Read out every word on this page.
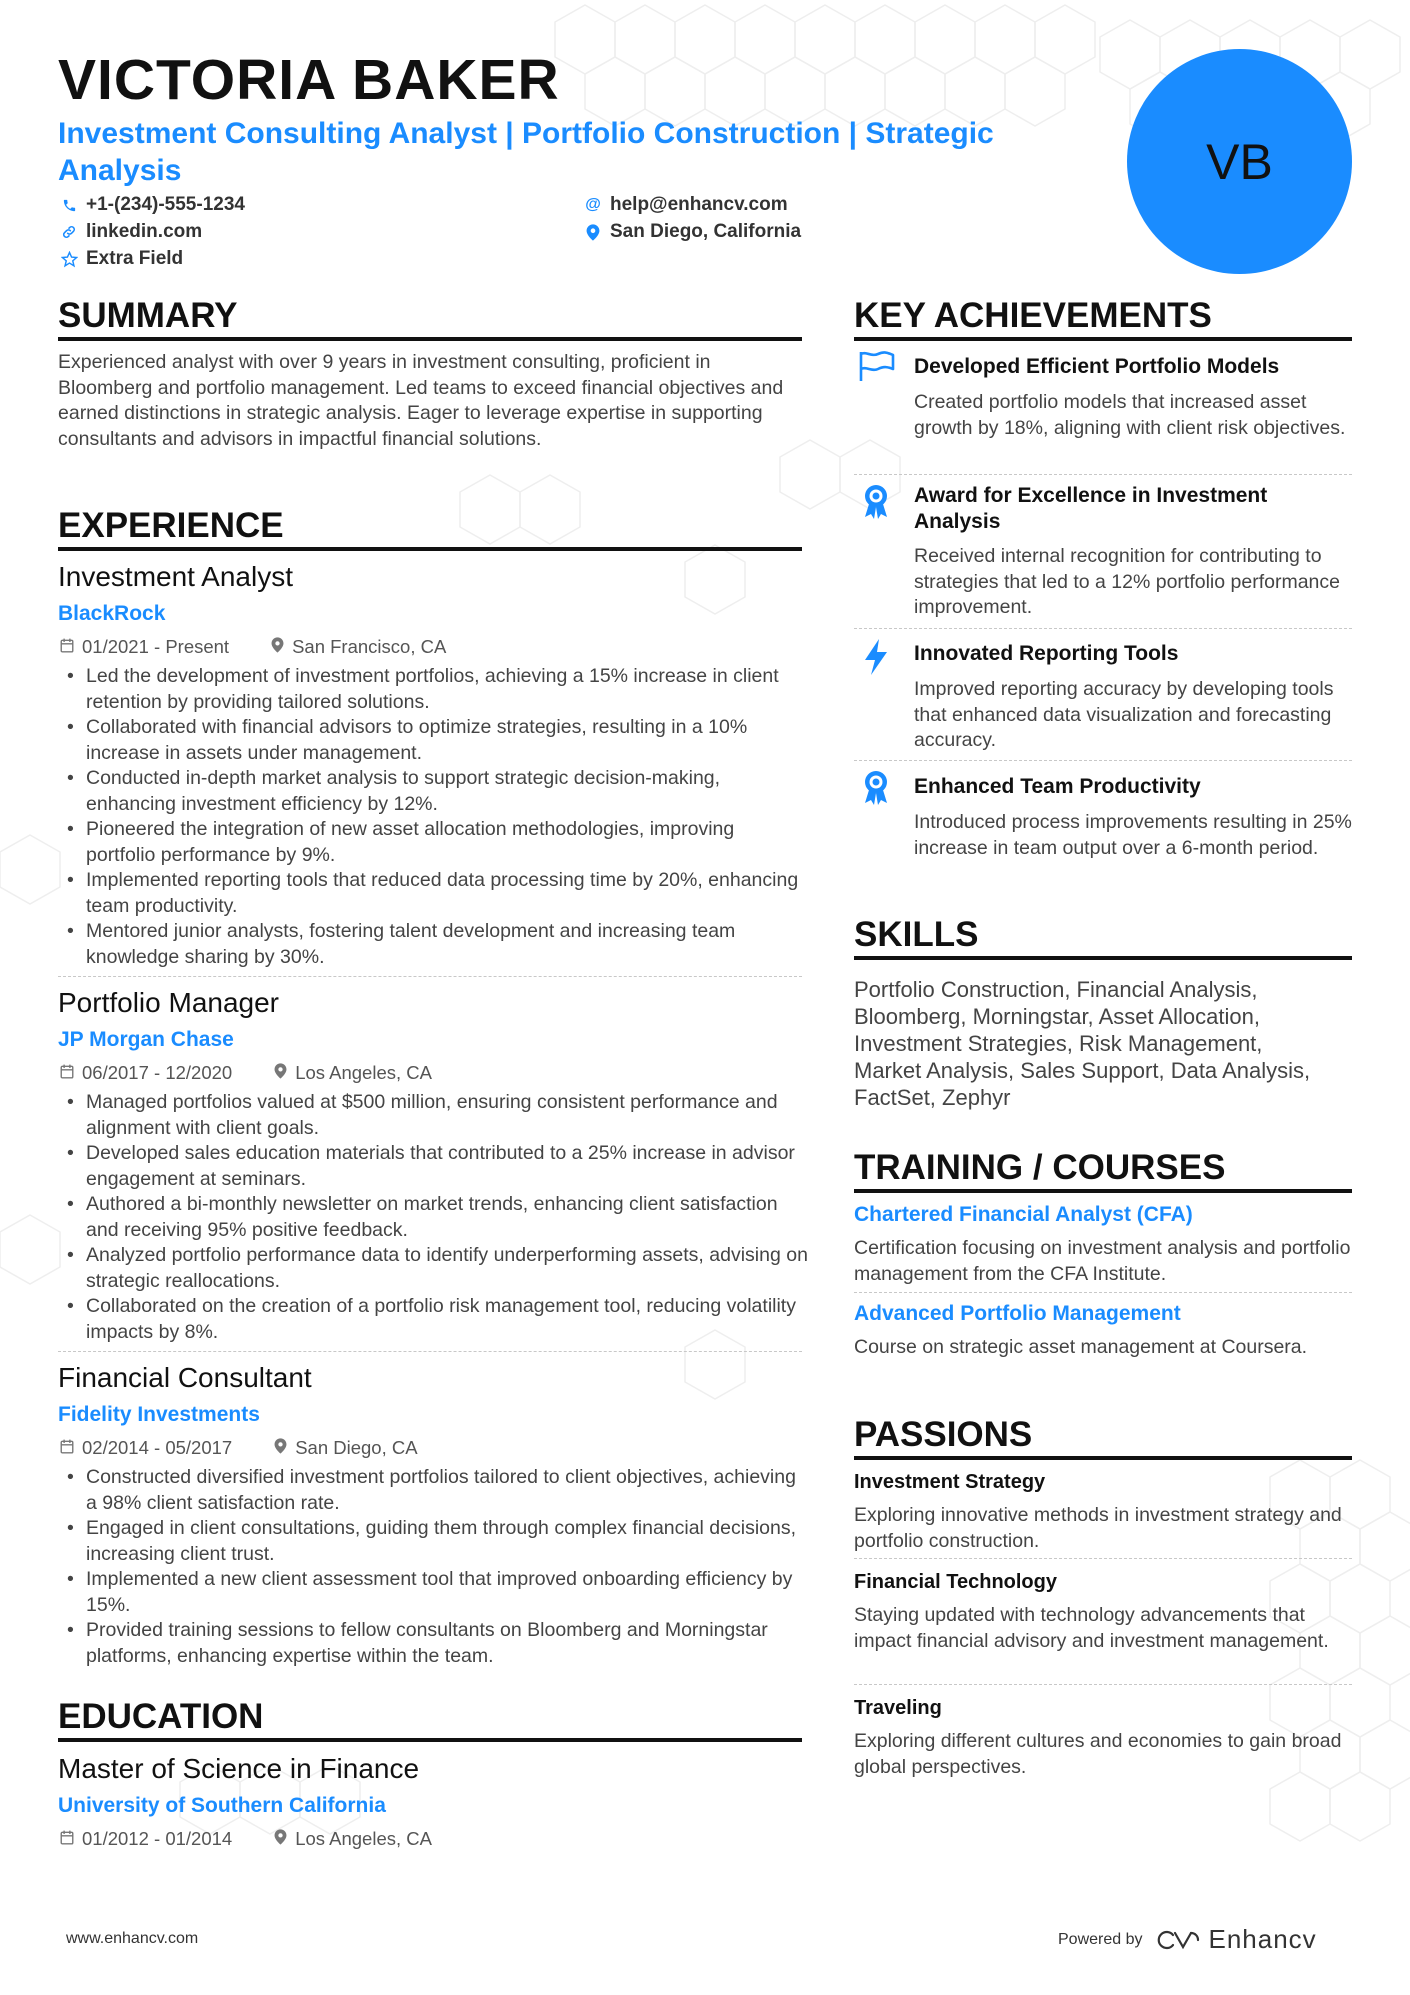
VICTORIA BAKER
Investment Consulting Analyst | Portfolio Construction | Strategic Analysis
+1-(234)-555-1234	@ help@enhancv.com
linkedin.com	San Diego, California
Extra Field
VB
SUMMARY
Experienced analyst with over 9 years in investment consulting, proficient in Bloomberg and portfolio management. Led teams to exceed financial objectives and earned distinctions in strategic analysis. Eager to leverage expertise in supporting consultants and advisors in impactful financial solutions.
EXPERIENCE
Investment Analyst
BlackRock
01/2021 - Present	San Francisco, CA
• Led the development of investment portfolios, achieving a 15% increase in client retention by providing tailored solutions.
• Collaborated with financial advisors to optimize strategies, resulting in a 10% increase in assets under management.
• Conducted in-depth market analysis to support strategic decision-making, enhancing investment efficiency by 12%.
• Pioneered the integration of new asset allocation methodologies, improving portfolio performance by 9%.
• Implemented reporting tools that reduced data processing time by 20%, enhancing team productivity.
• Mentored junior analysts, fostering talent development and increasing team knowledge sharing by 30%.
Portfolio Manager
JP Morgan Chase
06/2017 - 12/2020	Los Angeles, CA
• Managed portfolios valued at $500 million, ensuring consistent performance and alignment with client goals.
• Developed sales education materials that contributed to a 25% increase in advisor engagement at seminars.
• Authored a bi-monthly newsletter on market trends, enhancing client satisfaction and receiving 95% positive feedback.
• Analyzed portfolio performance data to identify underperforming assets, advising on strategic reallocations.
• Collaborated on the creation of a portfolio risk management tool, reducing volatility impacts by 8%.
Financial Consultant
Fidelity Investments
02/2014 - 05/2017	San Diego, CA
• Constructed diversified investment portfolios tailored to client objectives, achieving a 98% client satisfaction rate.
• Engaged in client consultations, guiding them through complex financial decisions, increasing client trust.
• Implemented a new client assessment tool that improved onboarding efficiency by 15%.
• Provided training sessions to fellow consultants on Bloomberg and Morningstar platforms, enhancing expertise within the team.
EDUCATION
Master of Science in Finance
University of Southern California
01/2012 - 01/2014	Los Angeles, CA
KEY ACHIEVEMENTS
Developed Efficient Portfolio Models
Created portfolio models that increased asset growth by 18%, aligning with client risk objectives.
Award for Excellence in Investment Analysis
Received internal recognition for contributing to strategies that led to a 12% portfolio performance improvement.
Innovated Reporting Tools
Improved reporting accuracy by developing tools that enhanced data visualization and forecasting accuracy.
Enhanced Team Productivity
Introduced process improvements resulting in 25% increase in team output over a 6-month period.
SKILLS
Portfolio Construction, Financial Analysis, Bloomberg, Morningstar, Asset Allocation, Investment Strategies, Risk Management, Market Analysis, Sales Support, Data Analysis, FactSet, Zephyr
TRAINING / COURSES
Chartered Financial Analyst (CFA)
Certification focusing on investment analysis and portfolio management from the CFA Institute.
Advanced Portfolio Management
Course on strategic asset management at Coursera.
PASSIONS
Investment Strategy
Exploring innovative methods in investment strategy and portfolio construction.
Financial Technology
Staying updated with technology advancements that impact financial advisory and investment management.
Traveling
Exploring different cultures and economies to gain broad global perspectives.
www.enhancv.com	Powered by	Enhancv
